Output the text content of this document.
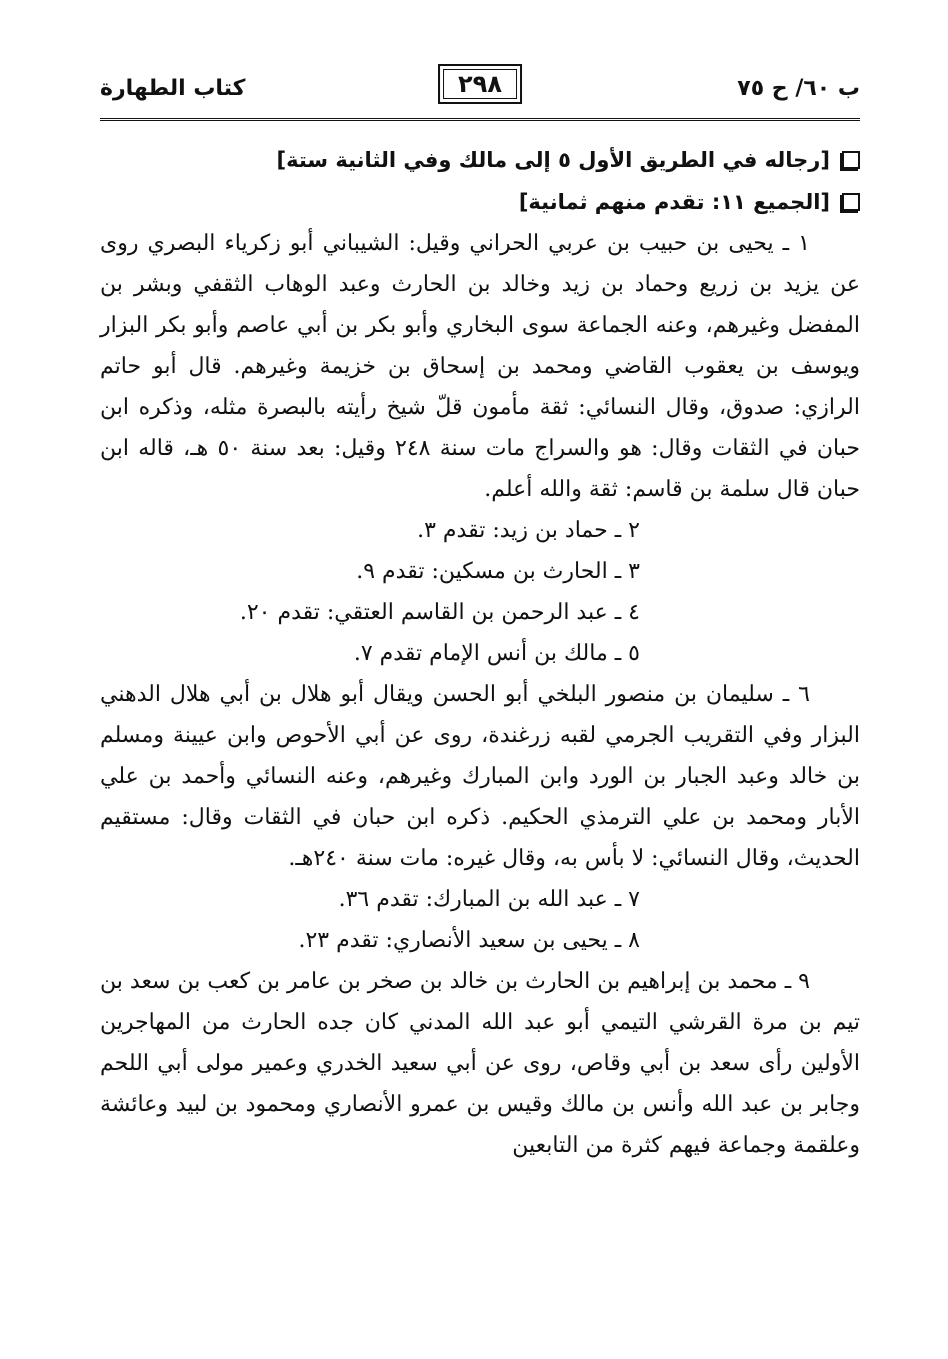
ب ٦٠/ ح ٧٥
٢٩٨
كتاب الطهارة
[رجاله في الطريق الأول ٥ إلى مالك وفي الثانية ستة]
[الجميع ١١: تقدم منهم ثمانية]

١ ـ يحيى بن حبيب بن عربي الحراني وقيل: الشيباني أبو زكرياء البصري روى عن يزيد بن زريع وحماد بن زيد وخالد بن الحارث وعبد الوهاب الثقفي وبشر بن المفضل وغيرهم، وعنه الجماعة سوى البخاري وأبو بكر بن أبي عاصم وأبو بكر البزار ويوسف بن يعقوب القاضي ومحمد بن إسحاق بن خزيمة وغيرهم. قال أبو حاتم الرازي: صدوق، وقال النسائي: ثقة مأمون قلّ شيخ رأيته بالبصرة مثله، وذكره ابن حبان في الثقات وقال: هو والسراج مات سنة ٢٤٨ وقيل: بعد سنة ٥٠ هـ، قاله ابن حبان قال سلمة بن قاسم: ثقة والله أعلم.

٢ ـ حماد بن زيد: تقدم ٣.

٣ ـ الحارث بن مسكين: تقدم ٩.

٤ ـ عبد الرحمن بن القاسم العتقي: تقدم ٢٠.

٥ ـ مالك بن أنس الإمام تقدم ٧.

٦ ـ سليمان بن منصور البلخي أبو الحسن ويقال أبو هلال بن أبي هلال الدهني البزار وفي التقريب الجرمي لقبه زرغندة، روى عن أبي الأحوص وابن عيينة ومسلم بن خالد وعبد الجبار بن الورد وابن المبارك وغيرهم، وعنه النسائي وأحمد بن علي الأبار ومحمد بن علي الترمذي الحكيم. ذكره ابن حبان في الثقات وقال: مستقيم الحديث، وقال النسائي: لا بأس به، وقال غيره: مات سنة ٢٤٠هـ.

٧ ـ عبد الله بن المبارك: تقدم ٣٦.

٨ ـ يحيى بن سعيد الأنصاري: تقدم ٢٣.

٩ ـ محمد بن إبراهيم بن الحارث بن خالد بن صخر بن عامر بن كعب بن سعد بن تيم بن مرة القرشي التيمي أبو عبد الله المدني كان جده الحارث من المهاجرين الأولين رأى سعد بن أبي وقاص، روى عن أبي سعيد الخدري وعمير مولى أبي اللحم وجابر بن عبد الله وأنس بن مالك وقيس بن عمرو الأنصاري ومحمود بن لبيد وعائشة وعلقمة وجماعة فيهم كثرة من التابعين
